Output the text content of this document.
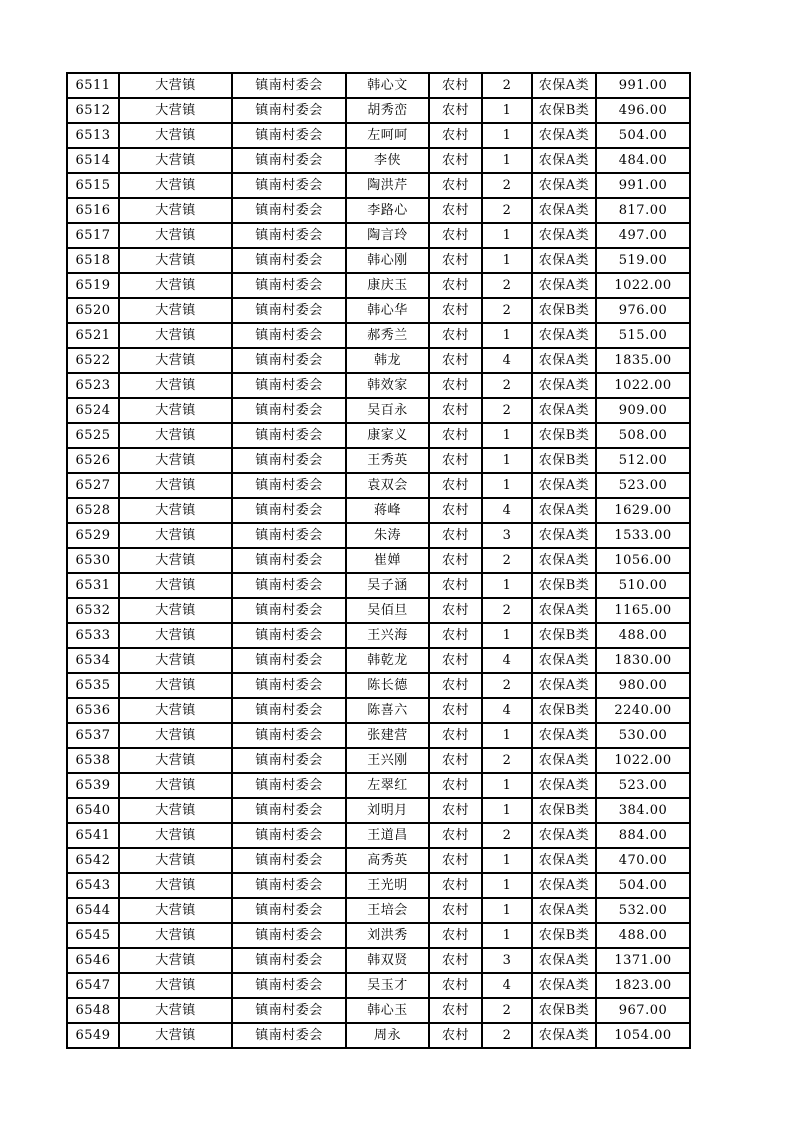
6511	大营镇	镇南村委会	韩心文	农村	2	农保A类	991.00
6512	大营镇	镇南村委会	胡秀峦	农村	1	农保B类	496.00
6513	大营镇	镇南村委会	左呵呵	农村	1	农保A类	504.00
6514	大营镇	镇南村委会	李侠	农村	1	农保A类	484.00
6515	大营镇	镇南村委会	陶洪芹	农村	2	农保A类	991.00
6516	大营镇	镇南村委会	李路心	农村	2	农保A类	817.00
6517	大营镇	镇南村委会	陶言玲	农村	1	农保A类	497.00
6518	大营镇	镇南村委会	韩心刚	农村	1	农保A类	519.00
6519	大营镇	镇南村委会	康庆玉	农村	2	农保A类	1022.00
6520	大营镇	镇南村委会	韩心华	农村	2	农保B类	976.00
6521	大营镇	镇南村委会	郝秀兰	农村	1	农保A类	515.00
6522	大营镇	镇南村委会	韩龙	农村	4	农保A类	1835.00
6523	大营镇	镇南村委会	韩效家	农村	2	农保A类	1022.00
6524	大营镇	镇南村委会	吴百永	农村	2	农保A类	909.00
6525	大营镇	镇南村委会	康家义	农村	1	农保B类	508.00
6526	大营镇	镇南村委会	王秀英	农村	1	农保B类	512.00
6527	大营镇	镇南村委会	袁双会	农村	1	农保A类	523.00
6528	大营镇	镇南村委会	蒋峰	农村	4	农保A类	1629.00
6529	大营镇	镇南村委会	朱涛	农村	3	农保A类	1533.00
6530	大营镇	镇南村委会	崔婵	农村	2	农保A类	1056.00
6531	大营镇	镇南村委会	吴子涵	农村	1	农保B类	510.00
6532	大营镇	镇南村委会	吴佰旦	农村	2	农保A类	1165.00
6533	大营镇	镇南村委会	王兴海	农村	1	农保B类	488.00
6534	大营镇	镇南村委会	韩乾龙	农村	4	农保A类	1830.00
6535	大营镇	镇南村委会	陈长德	农村	2	农保A类	980.00
6536	大营镇	镇南村委会	陈喜六	农村	4	农保B类	2240.00
6537	大营镇	镇南村委会	张建营	农村	1	农保A类	530.00
6538	大营镇	镇南村委会	王兴刚	农村	2	农保A类	1022.00
6539	大营镇	镇南村委会	左翠红	农村	1	农保A类	523.00
6540	大营镇	镇南村委会	刘明月	农村	1	农保B类	384.00
6541	大营镇	镇南村委会	王道昌	农村	2	农保A类	884.00
6542	大营镇	镇南村委会	高秀英	农村	1	农保A类	470.00
6543	大营镇	镇南村委会	王光明	农村	1	农保A类	504.00
6544	大营镇	镇南村委会	王培会	农村	1	农保A类	532.00
6545	大营镇	镇南村委会	刘洪秀	农村	1	农保B类	488.00
6546	大营镇	镇南村委会	韩双贤	农村	3	农保A类	1371.00
6547	大营镇	镇南村委会	吴玉才	农村	4	农保A类	1823.00
6548	大营镇	镇南村委会	韩心玉	农村	2	农保B类	967.00
6549	大营镇	镇南村委会	周永	农村	2	农保A类	1054.00
